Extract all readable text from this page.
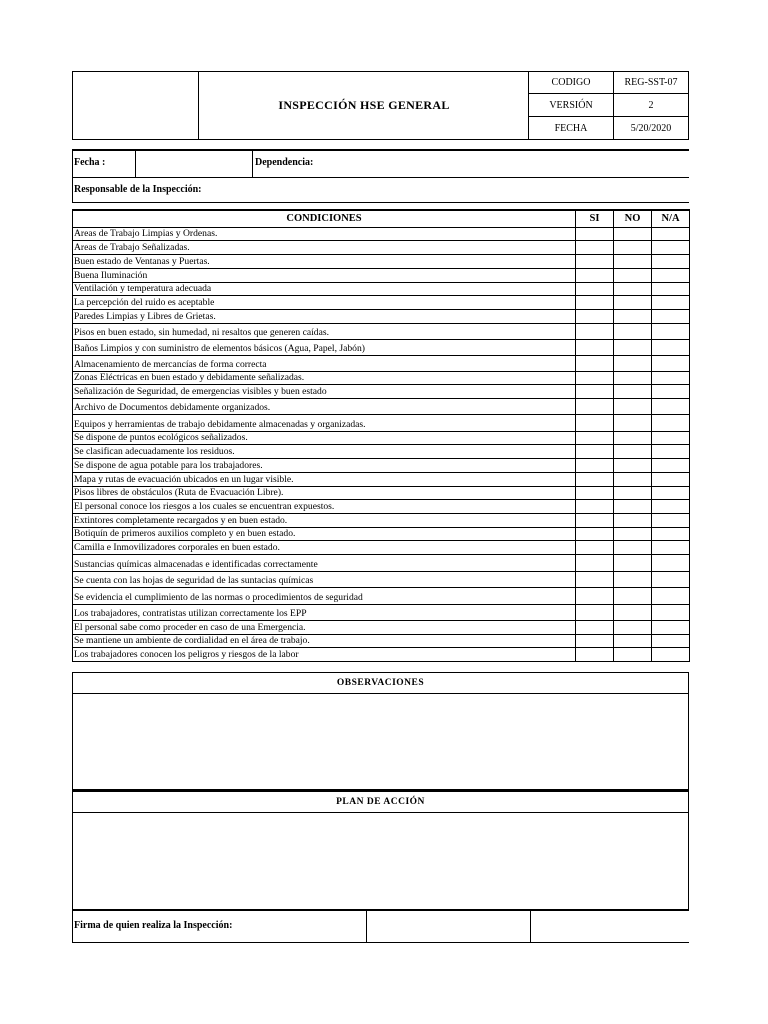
INSPECCIÓN HSE GENERAL
CODIGO	REG-SST-07
VERSIÓN	2
FECHA	5/20/2020
Fecha :	Dependencia:
Responsable de la Inspección:
CONDICIONES	SI	NO	N/A
Areas de Trabajo Limpias y Ordenas.			
Areas de Trabajo Señalizadas.			
Buen estado de Ventanas y Puertas.			
Buena Iluminación			
Ventilación y temperatura adecuada			
La percepción del ruido es aceptable			
Paredes Limpias y Libres de Grietas.			
Pisos en buen estado, sin humedad, ni resaltos que generen caídas.			
Baños Limpios y con suministro de elementos básicos (Agua, Papel, Jabón)			
Almacenamiento de mercancías de forma correcta			
Zonas Eléctricas en buen estado y debidamente señalizadas.			
Señalización de Seguridad, de emergencias visibles y buen estado			
Archivo de Documentos debidamente organizados.			
Equipos y herramientas de trabajo debidamente almacenadas y organizadas.			
Se dispone de puntos ecológicos señalizados.			
Se clasifican adecuadamente los residuos.			
Se dispone de agua potable para los trabajadores.			
Mapa y rutas de evacuación ubicados en un lugar visible.			
Pisos libres de obstáculos (Ruta de Evacuación Libre).			
El personal conoce los riesgos a los cuales se encuentran expuestos.			
Extintores completamente recargados y en buen estado.			
Botiquín de primeros auxilios completo y en buen estado.			
Camilla e Inmovilizadores corporales en buen estado.			
Sustancias químicas almacenadas e identificadas correctamente			
Se cuenta con las hojas de seguridad de las suntacias químicas			
Se evidencia el cumplimiento de las normas o procedimientos de seguridad			
Los trabajadores, contratistas utilizan correctamente los EPP			
El personal sabe como proceder en caso de una Emergencia.			
Se mantiene un ambiente de cordialidad en el área de trabajo.			
Los trabajadores conocen los peligros y riesgos de la labor			
OBSERVACIONES
PLAN DE ACCIÓN
Firma de quien realiza la Inspección:
